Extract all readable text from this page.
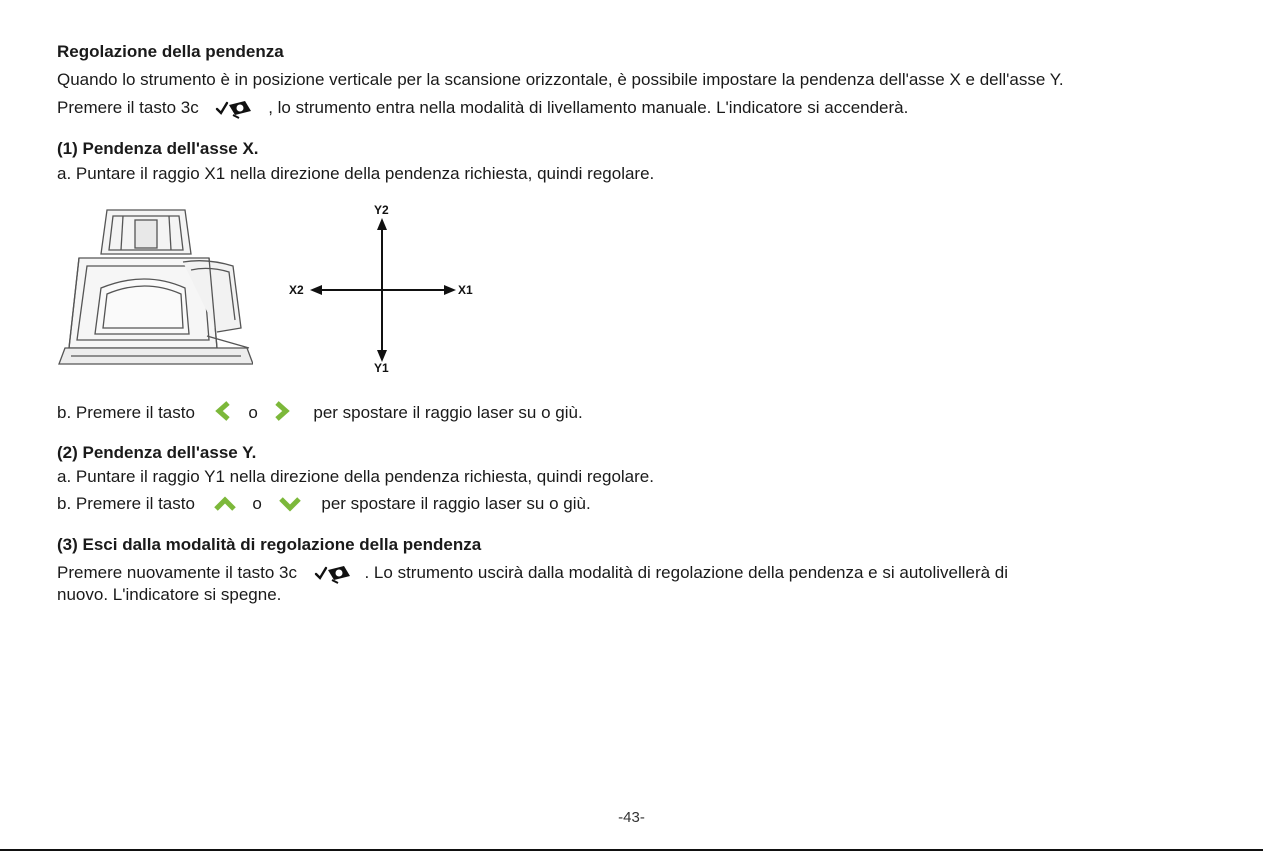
Regolazione della pendenza
Quando lo strumento è in posizione verticale per la scansione orizzontale, è possibile impostare la pendenza dell'asse X e dell'asse Y.
Premere il tasto 3c	, lo strumento entra nella modalità di livellamento manuale. L'indicatore si accenderà.
(1) Pendenza dell'asse X.
a. Puntare il raggio X1 nella direzione della pendenza richiesta, quindi regolare.
Y2
Y1
X2	X1
b. Premere il tasto	o	per spostare il raggio laser su o giù.
(2) Pendenza dell'asse Y.
a. Puntare il raggio Y1 nella direzione della pendenza richiesta, quindi regolare.
b. Premere il tasto	o	per spostare il raggio laser su o giù.
(3) Esci dalla modalità di regolazione della pendenza
Premere nuovamente il tasto 3c	. Lo strumento uscirà dalla modalità di regolazione della pendenza e si autolivellerà di
nuovo. L'indicatore si spegne.
-43-
